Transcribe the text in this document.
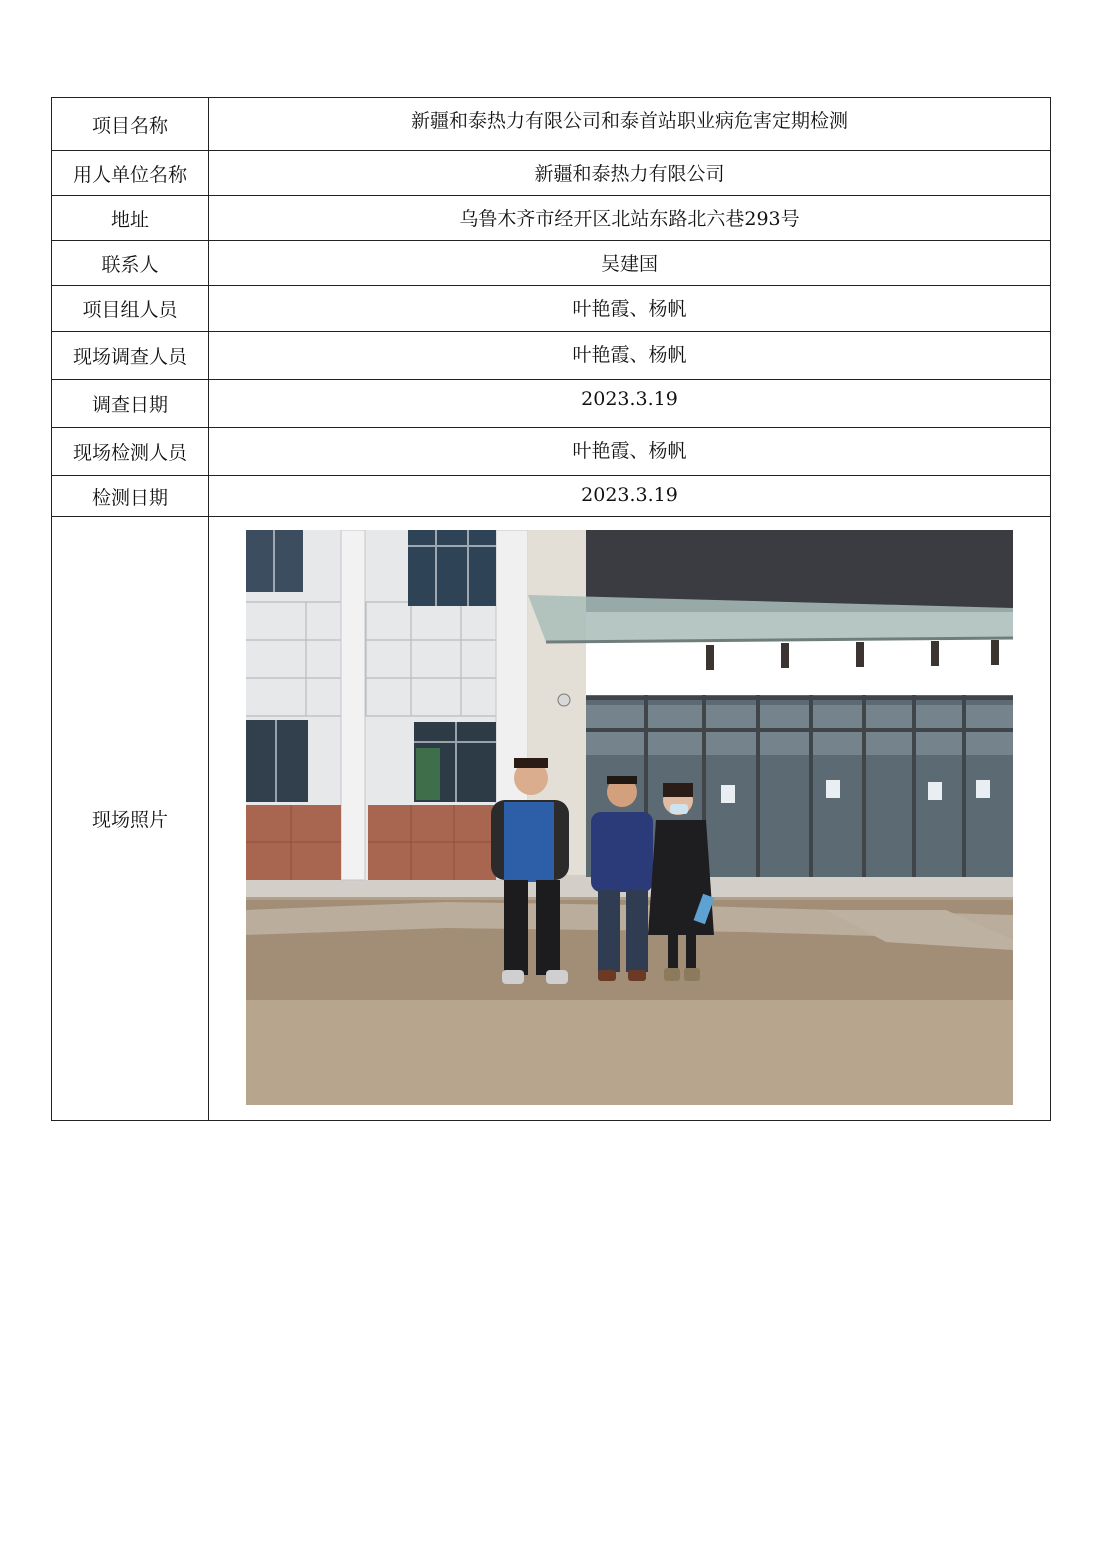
项目名称	新疆和泰热力有限公司和泰首站职业病危害定期检测
用人单位名称	新疆和泰热力有限公司
地址	乌鲁木齐市经开区北站东路北六巷293号
联系人	吴建国
项目组人员	叶艳霞、杨帆
现场调查人员	叶艳霞、杨帆
调查日期	2023.3.19
现场检测人员	叶艳霞、杨帆
检测日期	2023.3.19
现场照片	
